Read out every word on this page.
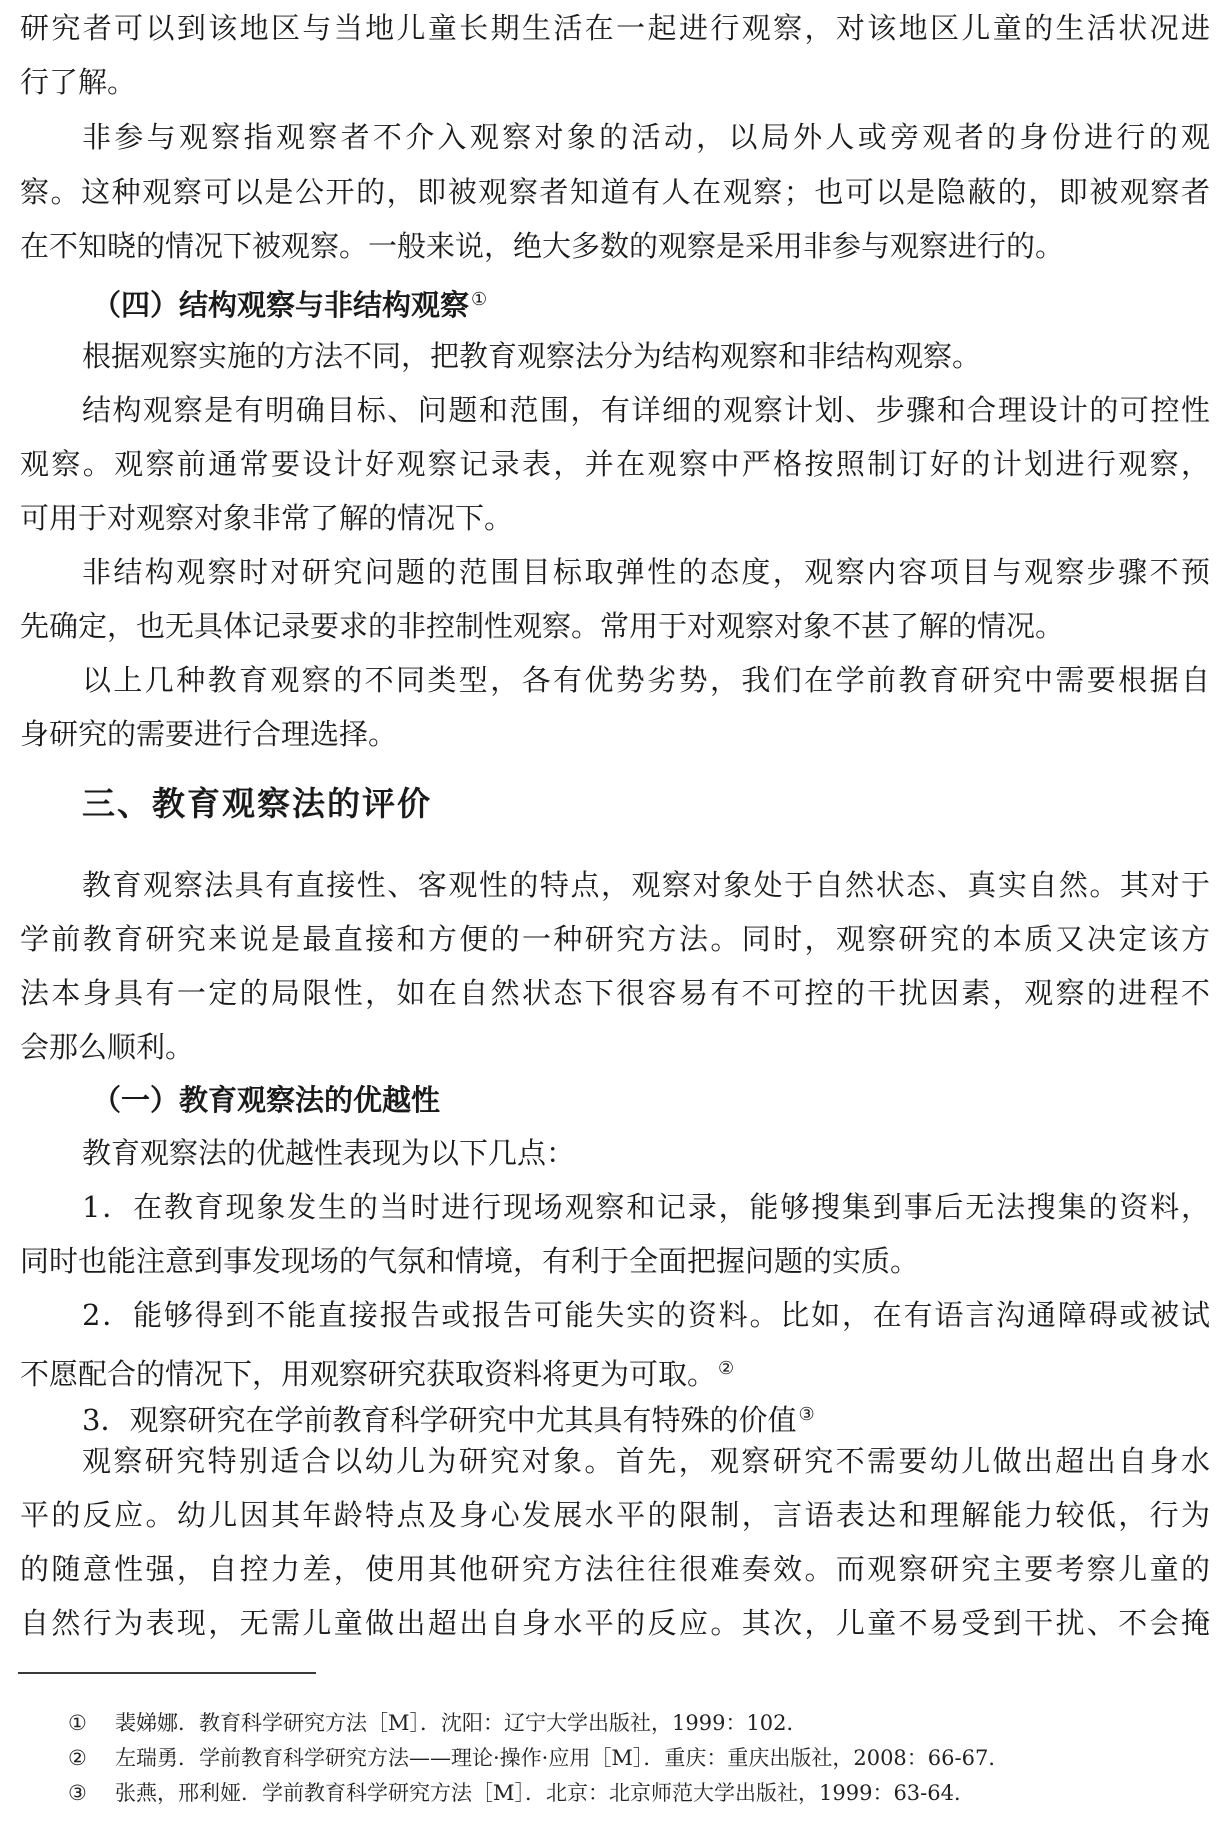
研究者可以到该地区与当地儿童长期生活在一起进行观察，对该地区儿童的生活状况进
行了解。
非参与观察指观察者不介入观察对象的活动，以局外人或旁观者的身份进行的观
察。这种观察可以是公开的，即被观察者知道有人在观察；也可以是隐蔽的，即被观察者
在不知晓的情况下被观察。一般来说，绝大多数的观察是采用非参与观察进行的。
（四）结构观察与非结构观察 ①
根据观察实施的方法不同，把教育观察法分为结构观察和非结构观察。
结构观察是有明确目标、问题和范围，有详细的观察计划、步骤和合理设计的可控性
观察。观察前通常要设计好观察记录表，并在观察中严格按照制订好的计划进行观察，
可用于对观察对象非常了解的情况下。
非结构观察时对研究问题的范围目标取弹性的态度，观察内容项目与观察步骤不预
先确定，也无具体记录要求的非控制性观察。常用于对观察对象不甚了解的情况。
以上几种教育观察的不同类型，各有优势劣势，我们在学前教育研究中需要根据自
身研究的需要进行合理选择。
三、教育观察法的评价
教育观察法具有直接性、客观性的特点，观察对象处于自然状态、真实自然。其对于
学前教育研究来说是最直接和方便的一种研究方法。同时，观察研究的本质又决定该方
法本身具有一定的局限性，如在自然状态下很容易有不可控的干扰因素，观察的进程不
会那么顺利。
（一）教育观察法的优越性
教育观察法的优越性表现为以下几点：
1．在教育现象发生的当时进行现场观察和记录，能够搜集到事后无法搜集的资料，
同时也能注意到事发现场的气氛和情境，有利于全面把握问题的实质。
2．能够得到不能直接报告或报告可能失实的资料。比如，在有语言沟通障碍或被试
不愿配合的情况下，用观察研究获取资料将更为可取。 ②
3．观察研究在学前教育科学研究中尤其具有特殊的价值 ③
观察研究特别适合以幼儿为研究对象。首先，观察研究不需要幼儿做出超出自身水
平的反应。幼儿因其年龄特点及身心发展水平的限制，言语表达和理解能力较低，行为
的随意性强，自控力差，使用其他研究方法往往很难奏效。而观察研究主要考察儿童的
自然行为表现，无需儿童做出超出自身水平的反应。其次，儿童不易受到干扰、不会掩
① 裴娣娜．教育科学研究方法［M］．沈阳：辽宁大学出版社，1999：102．
② 左瑞勇．学前教育科学研究方法——理论·操作·应用［M］．重庆：重庆出版社，2008：66-67．
③ 张燕，邢利娅．学前教育科学研究方法［M］．北京：北京师范大学出版社，1999：63-64．
